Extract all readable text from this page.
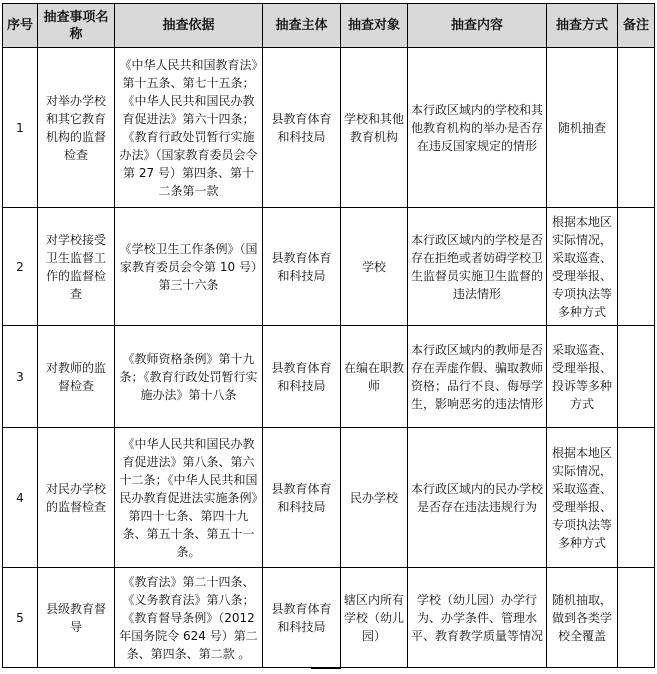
序号	抽查事项名称	抽查依据	抽查主体	抽查对象	抽查内容	抽查方式	备注
1	对举办学校和其它教育机构的监督检查	《中华人民共和国教育法》第十五条、第七十五条；《中华人民共和国民办教育促进法》第六十四条；《教育行政处罚暂行实施办法》（国家教育委员会令第 27 号）第四条、第十二条第一款	县教育体育和科技局	学校和其他教育机构	本行政区域内的学校和其他教育机构的举办是否存在违反国家规定的情形	随机抽查	
2	对学校接受卫生监督工作的监督检查	《学校卫生工作条例》（国家教育委员会令第 10 号）第三十六条	县教育体育和科技局	学校	本行政区域内的学校是否存在拒绝或者妨碍学校卫生监督员实施卫生监督的违法情形	根据本地区实际情况，采取巡查、受理举报、专项执法等多种方式	
3	对教师的监督检查	《教师资格条例》第十九条；《教育行政处罚暂行实施办法》第十八条	县教育体育和科技局	在编在职教师	本行政区域内的教师是否存在弄虚作假、骗取教师资格；品行不良、侮辱学生，影响恶劣的违法情形	采取巡查、受理举报、投诉等多种方式	
4	对民办学校的监督检查	《中华人民共和国民办教育促进法》第八条、第六十二条；《中华人民共和国民办教育促进法实施条例》第四十七条、第四十九条、第五十条、第五十一条。	县教育体育和科技局	民办学校	本行政区域内的民办学校是否存在违法违规行为	根据本地区实际情况，采取巡查、受理举报、专项执法等多种方式	
5	县级教育督导	《教育法》第二十四条、《义务教育法》第八条；《教育督导条例》（2012 年国务院令 624 号）第二条、第四条、第二款 。	县教育体育和科技局	辖区内所有学校（幼儿园）	学校（幼儿园）办学行为、办学条件、管理水平、教育教学质量等情况	随机抽取，做到各类学校全覆盖	
